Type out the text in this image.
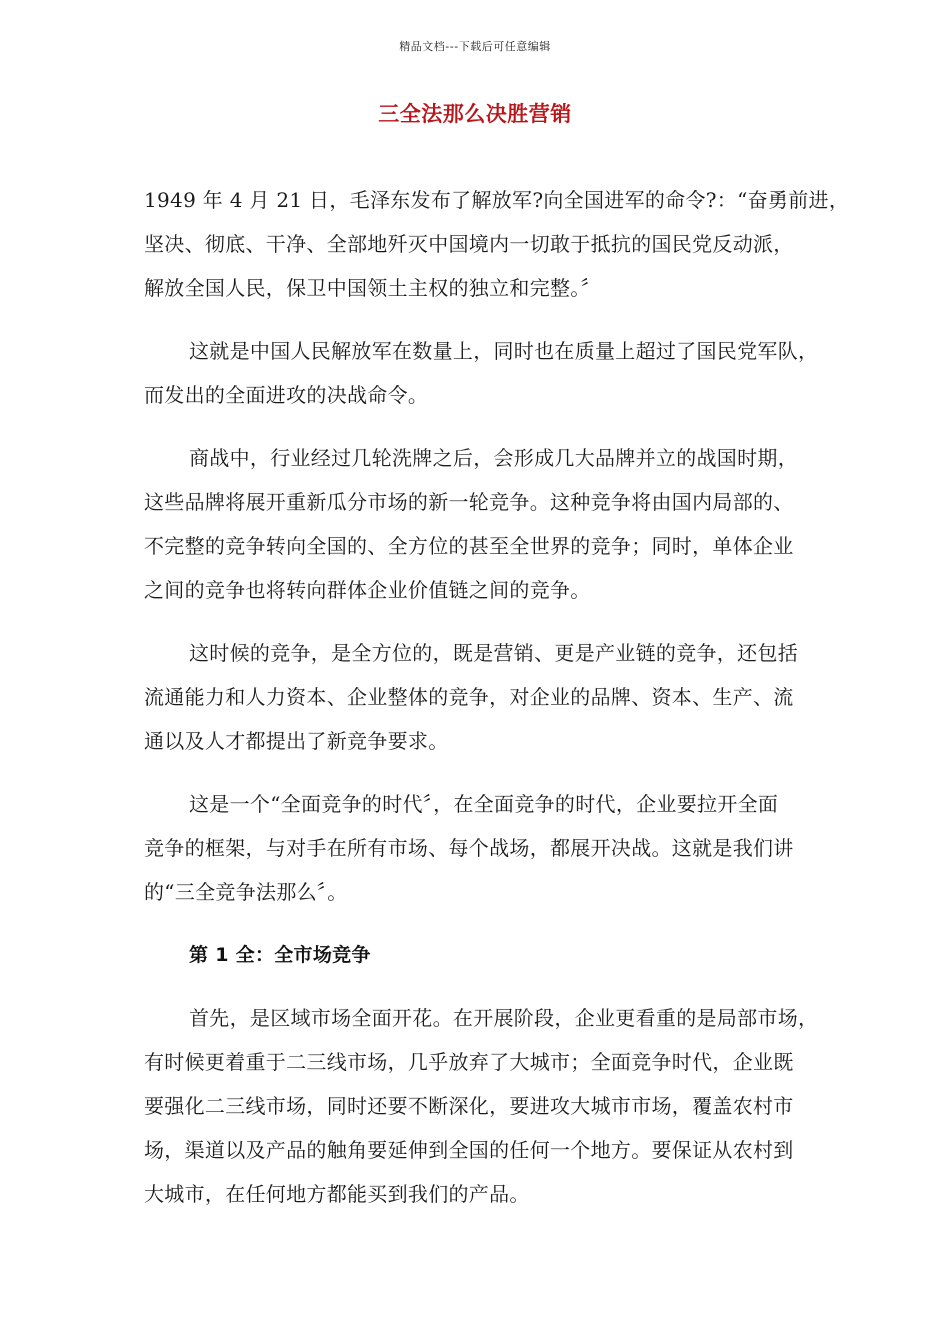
精品文档---下载后可任意编辑
三全法那么决胜营销
1949 年 4 月 21 日，毛泽东发布了解放军?向全国进军的命令?：“奋勇前进，
坚决、彻底、干净、全部地歼灭中国境内一切敢于抵抗的国民党反动派，
解放全国人民，保卫中国领土主权的独立和完整。〞
这就是中国人民解放军在数量上，同时也在质量上超过了国民党军队，
而发出的全面进攻的决战命令。
商战中，行业经过几轮洗牌之后，会形成几大品牌并立的战国时期，
这些品牌将展开重新瓜分市场的新一轮竞争。这种竞争将由国内局部的、
不完整的竞争转向全国的、全方位的甚至全世界的竞争；同时，单体企业
之间的竞争也将转向群体企业价值链之间的竞争。
这时候的竞争，是全方位的，既是营销、更是产业链的竞争，还包括
流通能力和人力资本、企业整体的竞争，对企业的品牌、资本、生产、流
通以及人才都提出了新竞争要求。
这是一个“全面竞争的时代〞，在全面竞争的时代，企业要拉开全面
竞争的框架，与对手在所有市场、每个战场，都展开决战。这就是我们讲
的“三全竞争法那么〞。
第 1 全：全市场竞争
首先，是区域市场全面开花。在开展阶段，企业更看重的是局部市场，
有时候更着重于二三线市场，几乎放弃了大城市；全面竞争时代，企业既
要强化二三线市场，同时还要不断深化，要进攻大城市市场，覆盖农村市
场，渠道以及产品的触角要延伸到全国的任何一个地方。要保证从农村到
大城市，在任何地方都能买到我们的产品。
